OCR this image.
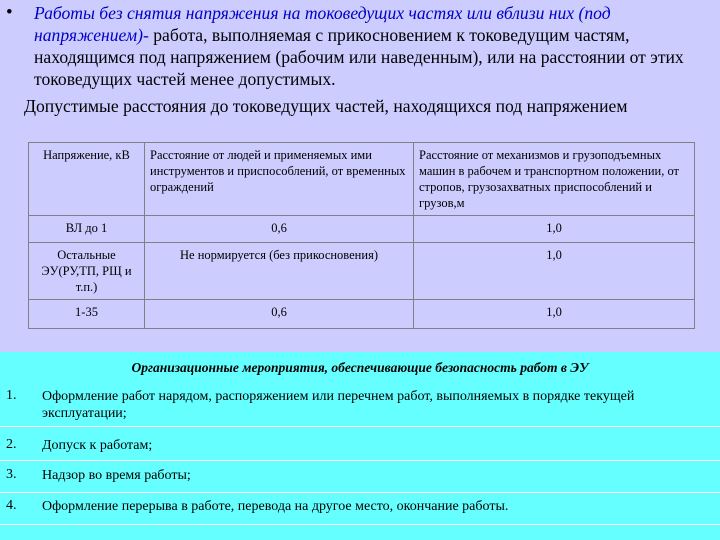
• Работы без снятия напряжения на токоведущих частях или вблизи них (под напряжением)- работа, выполняемая с прикосновением к токоведущим частям, находящимся под напряжением (рабочим или наведенным), или на расстоянии от этих токоведущих частей менее допустимых.
Допустимые расстояния до токоведущих частей, находящихся под напряжением
Напряжение, кВ	Расстояние от людей и применяемых ими инструментов и приспособлений, от временных ограждений	Расстояние от механизмов и грузоподъемных машин в рабочем и транспортном положении, от стропов, грузозахватных приспособлений и грузов,м
ВЛ до 1	0,6	1,0
Остальные ЭУ(РУ,ТП, РЩ и т.п.)	Не нормируется (без прикосновения)	1,0
1-35	0,6	1,0
Организационные мероприятия, обеспечивающие безопасность работ в ЭУ
1. Оформление работ нарядом, распоряжением или перечнем работ, выполняемых в порядке текущей эксплуатации;
2. Допуск к работам;
3. Надзор во время работы;
4. Оформление перерыва в работе, перевода на другое место, окончание работы.
